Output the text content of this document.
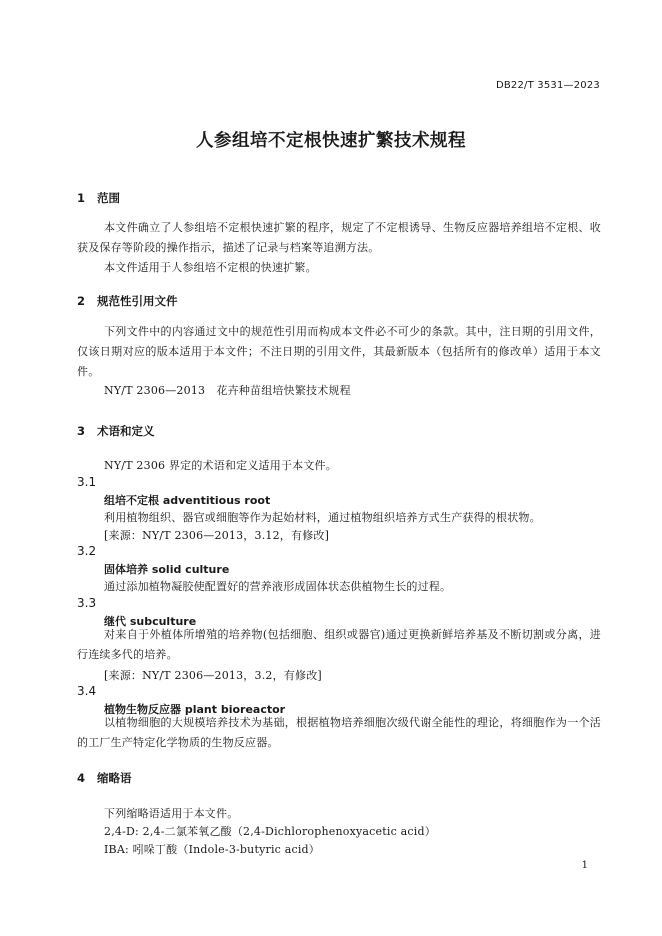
DB22/T 3531—2023
人参组培不定根快速扩繁技术规程
1 范围
本文件确立了人参组培不定根快速扩繁的程序，规定了不定根诱导、生物反应器培养组培不定根、收获及保存等阶段的操作指示，描述了记录与档案等追溯方法。
本文件适用于人参组培不定根的快速扩繁。
2 规范性引用文件
下列文件中的内容通过文中的规范性引用而构成本文件必不可少的条款。其中，注日期的引用文件，仅该日期对应的版本适用于本文件；不注日期的引用文件，其最新版本（包括所有的修改单）适用于本文件。
NY/T 2306—2013　花卉种苗组培快繁技术规程
3 术语和定义
NY/T 2306 界定的术语和定义适用于本文件。
3.1
组培不定根 adventitious root
利用植物组织、器官或细胞等作为起始材料，通过植物组织培养方式生产获得的根状物。
[来源：NY/T 2306—2013，3.12，有修改]
3.2
固体培养 solid culture
通过添加植物凝胶使配置好的营养液形成固体状态供植物生长的过程。
3.3
继代 subculture
对来自于外植体所增殖的培养物(包括细胞、组织或器官)通过更换新鲜培养基及不断切割或分离，进行连续多代的培养。
[来源：NY/T 2306—2013，3.2，有修改]
3.4
植物生物反应器 plant bioreactor
以植物细胞的大规模培养技术为基础，根据植物培养细胞次级代谢全能性的理论，将细胞作为一个活的工厂生产特定化学物质的生物反应器。
4 缩略语
下列缩略语适用于本文件。
2,4-D: 2,4-二氯苯氧乙酸（2,4-Dichlorophenoxyacetic acid）
IBA: 吲哚丁酸（Indole-3-butyric acid）
1
